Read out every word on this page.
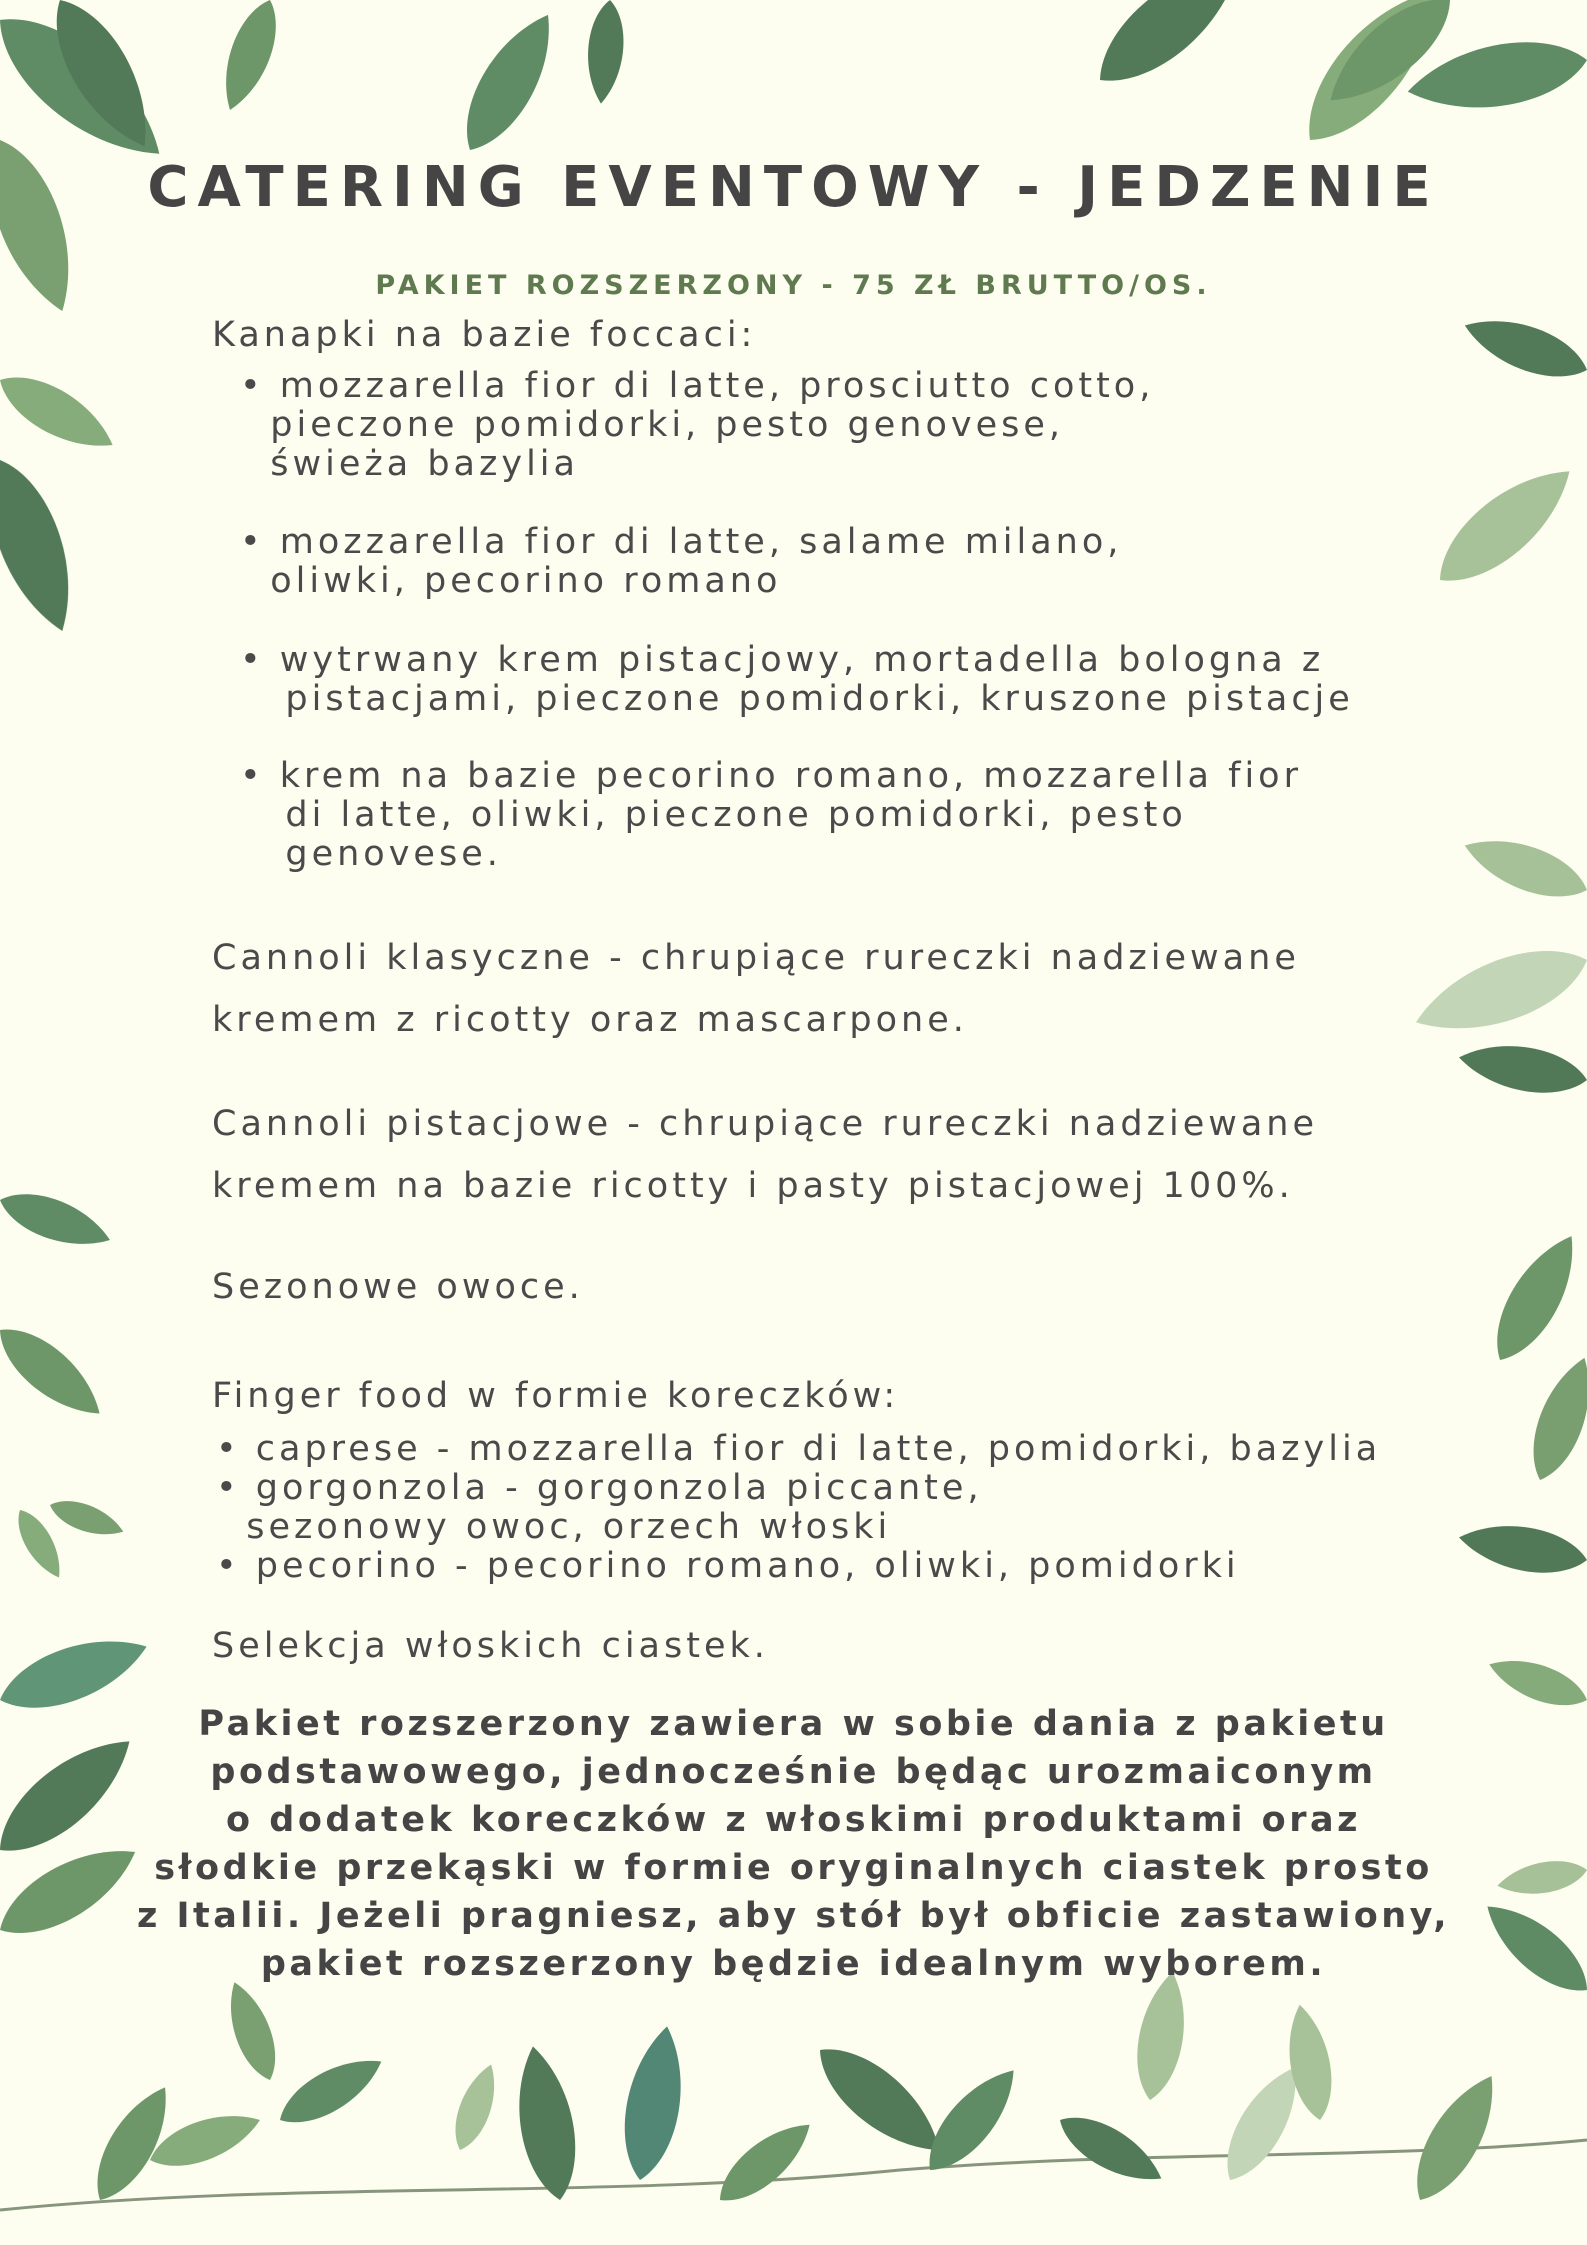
CATERING EVENTOWY - JEDZENIE
PAKIET ROZSZERZONY - 75 ZŁ BRUTTO/OS.
Kanapki na bazie foccaci:
• mozzarella fior di latte, prosciutto cotto,
pieczone pomidorki, pesto genovese,
świeża bazylia
• mozzarella fior di latte, salame milano,
oliwki, pecorino romano
• wytrwany krem pistacjowy, mortadella bologna z
pistacjami, pieczone pomidorki, kruszone pistacje
• krem na bazie pecorino romano, mozzarella fior
di latte, oliwki, pieczone pomidorki, pesto
genovese.
Cannoli klasyczne - chrupiące rureczki nadziewane
kremem z ricotty oraz mascarpone.
Cannoli pistacjowe - chrupiące rureczki nadziewane
kremem na bazie ricotty i pasty pistacjowej 100%.
Sezonowe owoce.
Finger food w formie koreczków:
• caprese - mozzarella fior di latte, pomidorki, bazylia
• gorgonzola - gorgonzola piccante,
sezonowy owoc, orzech włoski
• pecorino - pecorino romano, oliwki, pomidorki
Selekcja włoskich ciastek.
Pakiet rozszerzony zawiera w sobie dania z pakietu
podstawowego, jednocześnie będąc urozmaiconym
o dodatek koreczków z włoskimi produktami oraz
słodkie przekąski w formie oryginalnych ciastek prosto
z Italii. Jeżeli pragniesz, aby stół był obficie zastawiony,
pakiet rozszerzony będzie idealnym wyborem.
